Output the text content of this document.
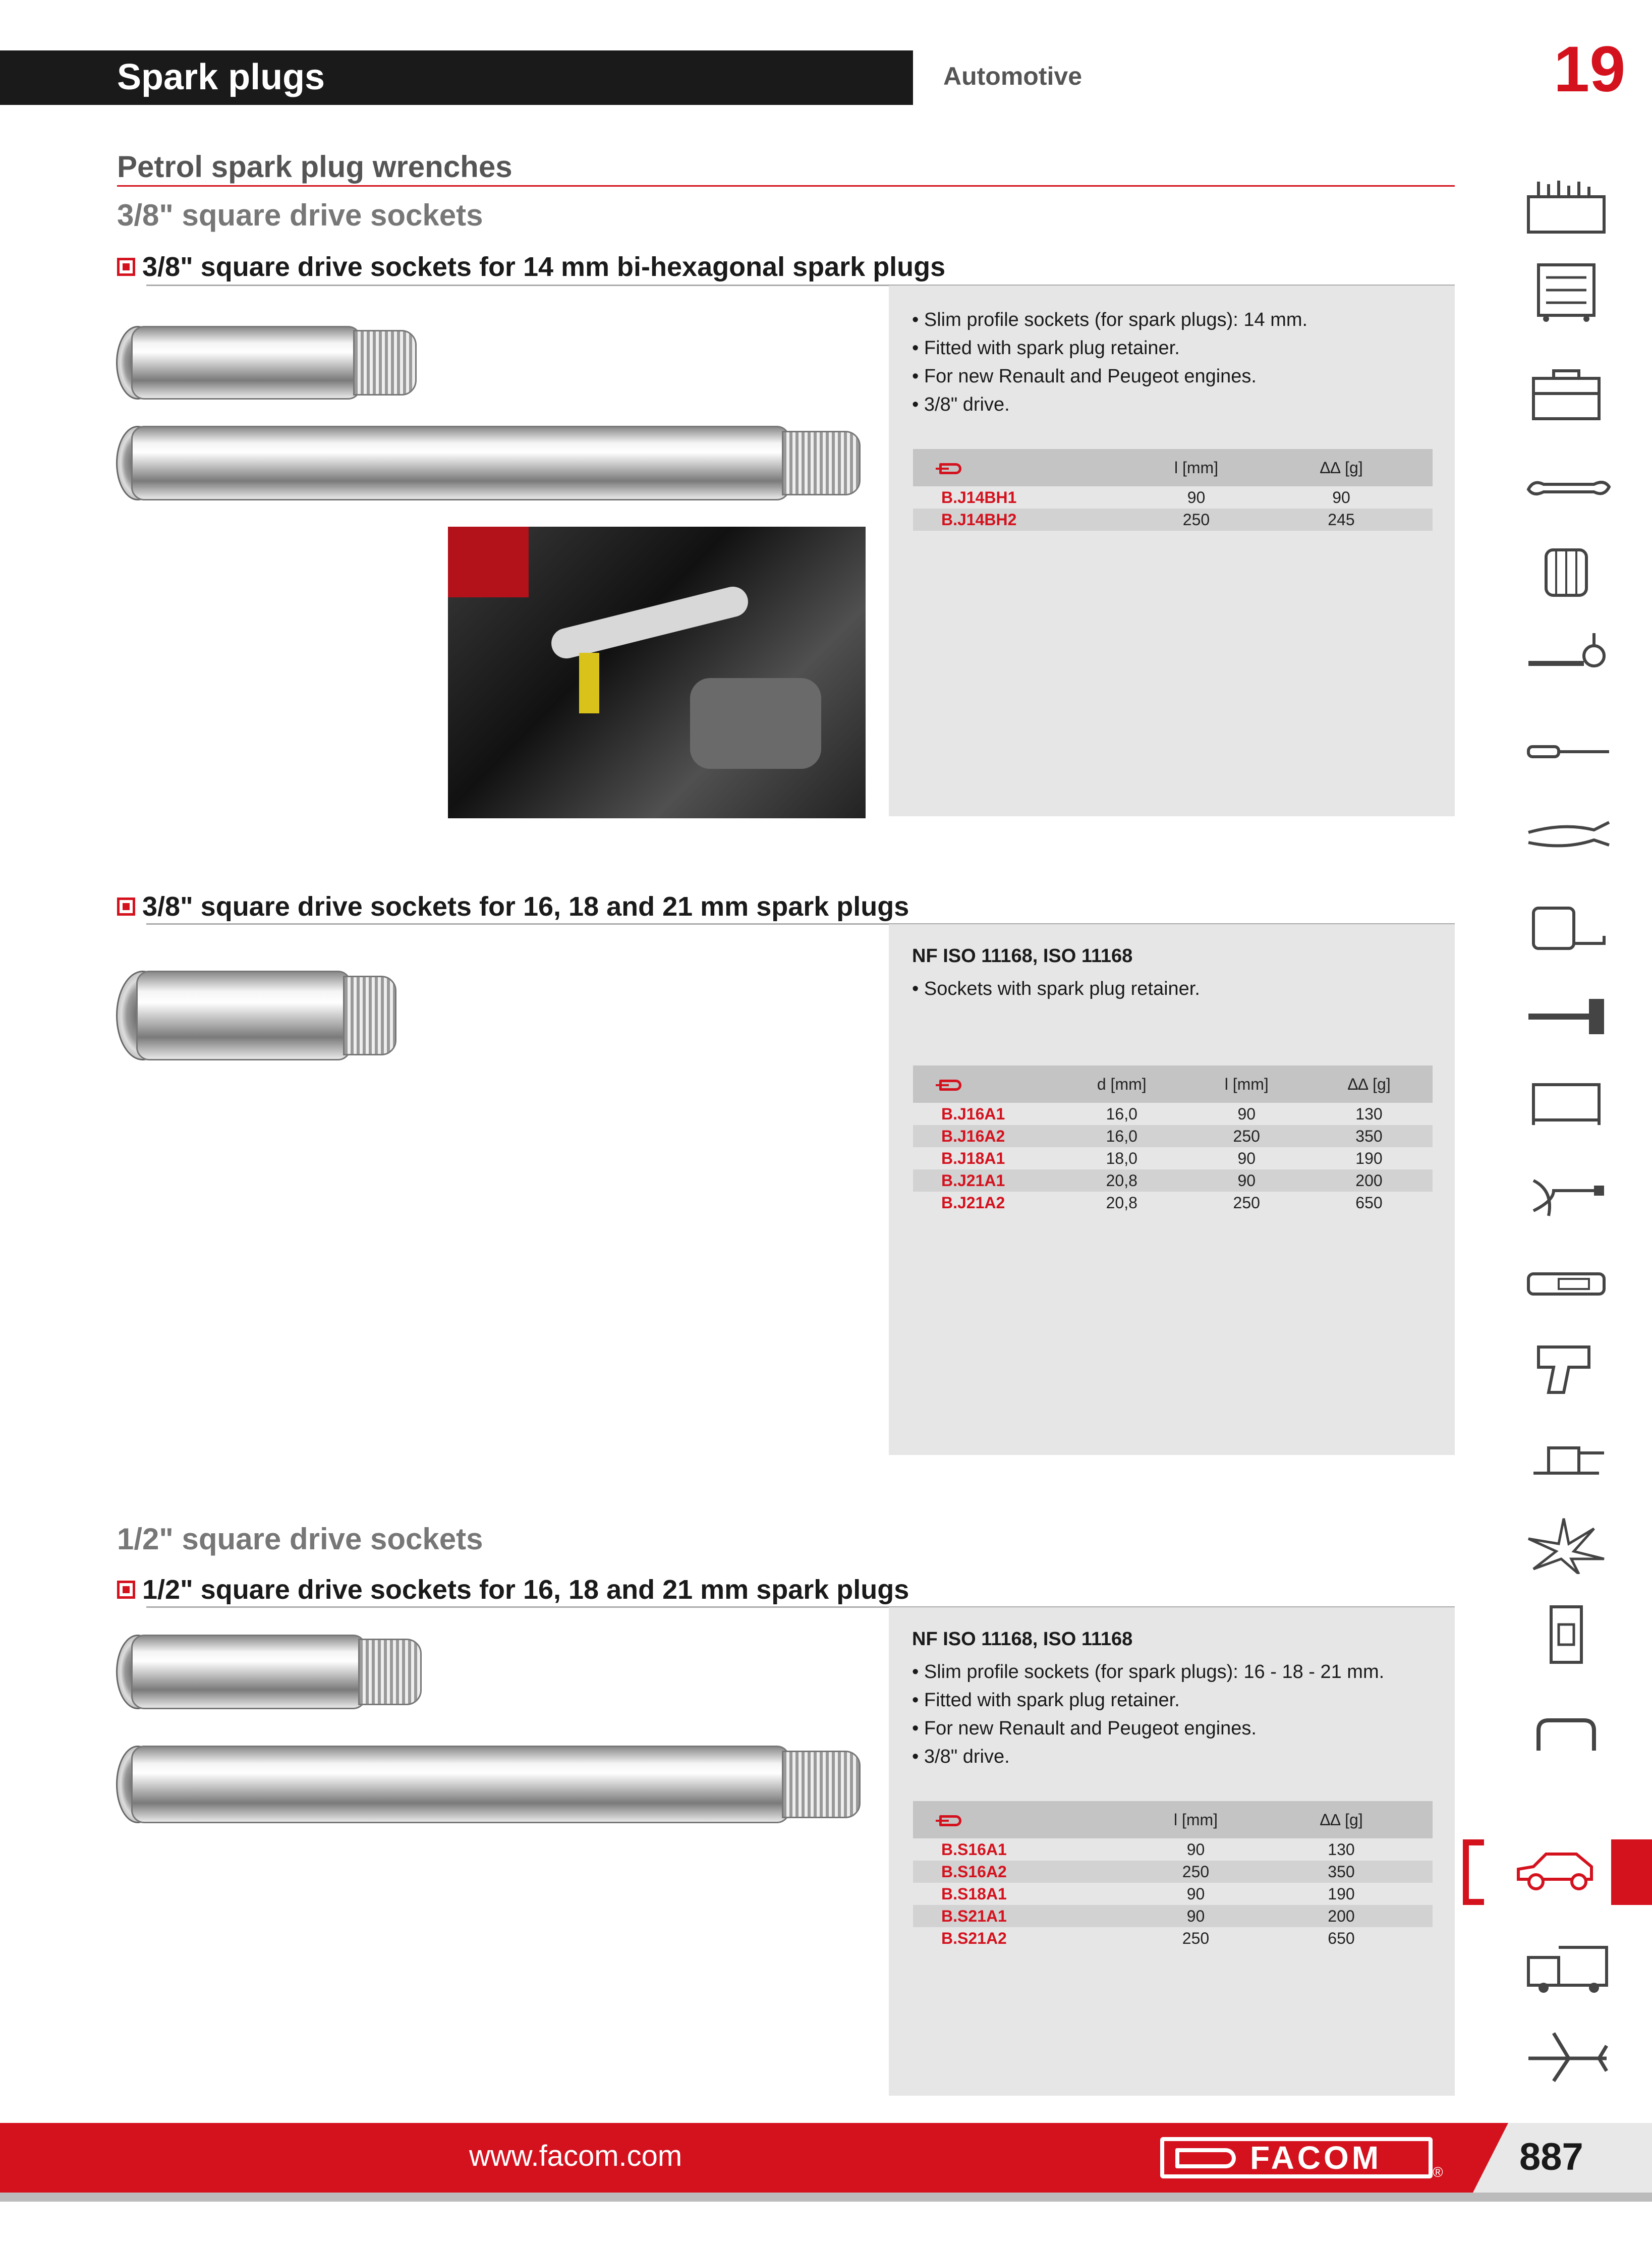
Spark plugs	Automotive	19
Petrol spark plug wrenches
3/8" square drive sockets
3/8" square drive sockets for 14 mm bi-hexagonal spark plugs
• Slim profile sockets (for spark plugs): 14 mm.
• Fitted with spark plug retainer.
• For new Renault and Peugeot engines.
• 3/8" drive.
		l [mm]	Δ∆ [g]
B.J14BH1		90	90
B.J14BH2		250	245
3/8" square drive sockets for 16, 18 and 21 mm spark plugs
NF ISO 11168, ISO 11168
• Sockets with spark plug retainer.
	d [mm]	l [mm]	Δ∆ [g]
B.J16A1	16,0	90	130
B.J16A2	16,0	250	350
B.J18A1	18,0	90	190
B.J21A1	20,8	90	200
B.J21A2	20,8	250	650
1/2" square drive sockets
1/2" square drive sockets for 16, 18 and 21 mm spark plugs
NF ISO 11168, ISO 11168
• Slim profile sockets (for spark plugs): 16 - 18 - 21 mm.
• Fitted with spark plug retainer.
• For new Renault and Peugeot engines.
• 3/8" drive.
	l [mm]	Δ∆ [g]
B.S16A1	90	130
B.S16A2	250	350
B.S18A1	90	190
B.S21A1	90	200
B.S21A2	250	650
www.facom.com	FACOM	® 887
